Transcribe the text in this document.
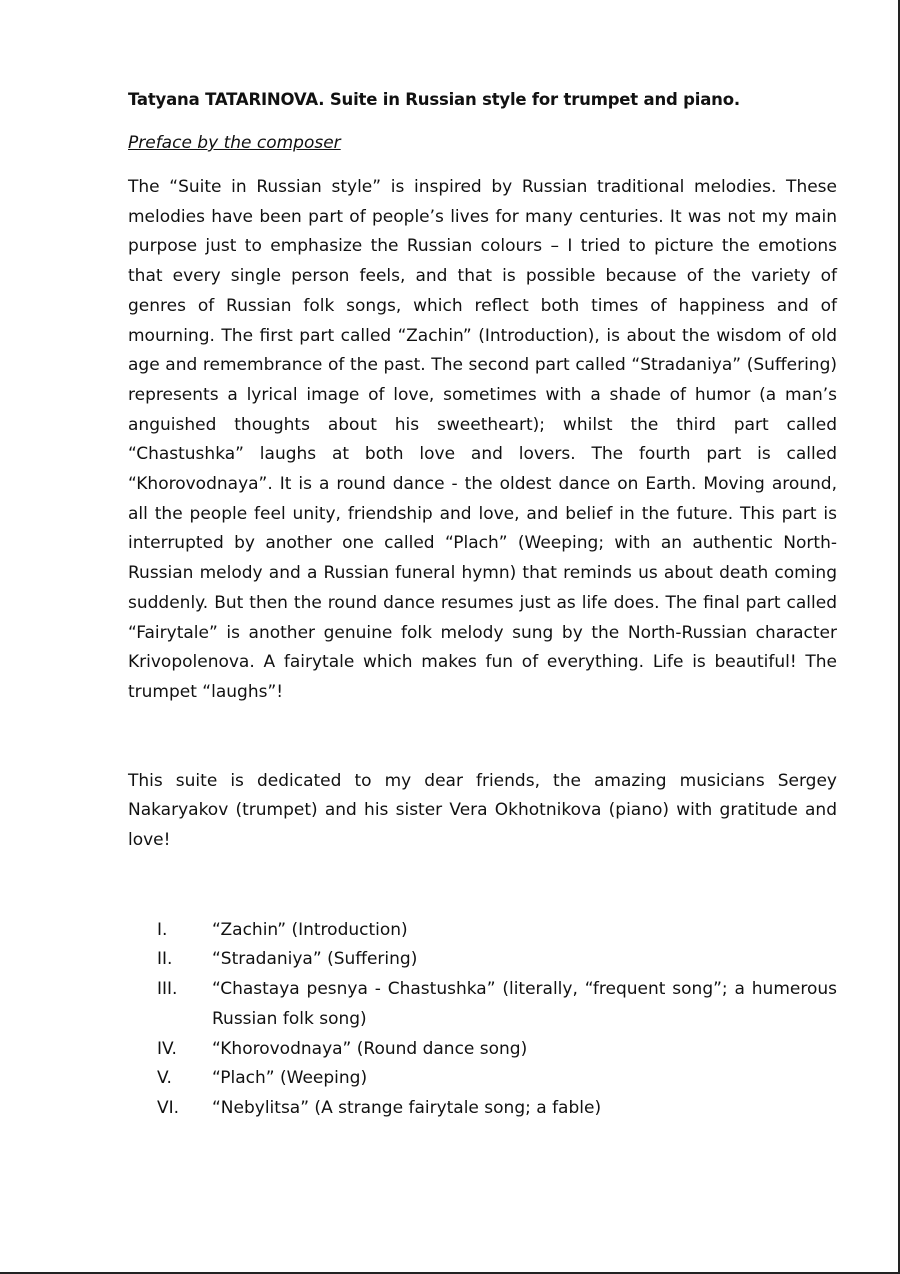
Tatyana TATARINOVA. Suite in Russian style for trumpet and piano.

Preface by the composer

The “Suite in Russian style” is inspired by Russian traditional melodies. These melodies have been part of people’s lives for many centuries. It was not my main purpose just to emphasize the Russian colours – I tried to picture the emotions that every single person feels, and that is possible because of the variety of genres of Russian folk songs, which reflect both times of happiness and of mourning. The first part called “Zachin” (Introduction), is about the wisdom of old age and remembrance of the past. The second part called “Stradaniya” (Suffering) represents a lyrical image of love, sometimes with a shade of humor (a man’s anguished thoughts about his sweetheart); whilst the third part called “Chastushka” laughs at both love and lovers. The fourth part is called “Khorovodnaya”. It is a round dance - the oldest dance on Earth. Moving around, all the people feel unity, friendship and love, and belief in the future. This part is interrupted by another one called “Plach” (Weeping; with an authentic North-Russian melody and a Russian funeral hymn) that reminds us about death coming suddenly. But then the round dance resumes just as life does. The final part called “Fairytale” is another genuine folk melody sung by the North-Russian character Krivopolenova. A fairytale which makes fun of everything. Life is beautiful! The trumpet “laughs”!

This suite is dedicated to my dear friends, the amazing musicians Sergey Nakaryakov (trumpet) and his sister Vera Okhotnikova (piano) with gratitude and love!

I.	“Zachin” (Introduction)
II.	“Stradaniya” (Suffering)
III.	“Chastaya pesnya - Chastushka” (literally, “frequent song”; a humerous Russian folk song)
IV.	“Khorovodnaya” (Round dance song)
V.	“Plach” (Weeping)
VI.	“Nebylitsa” (A strange fairytale song; a fable)
